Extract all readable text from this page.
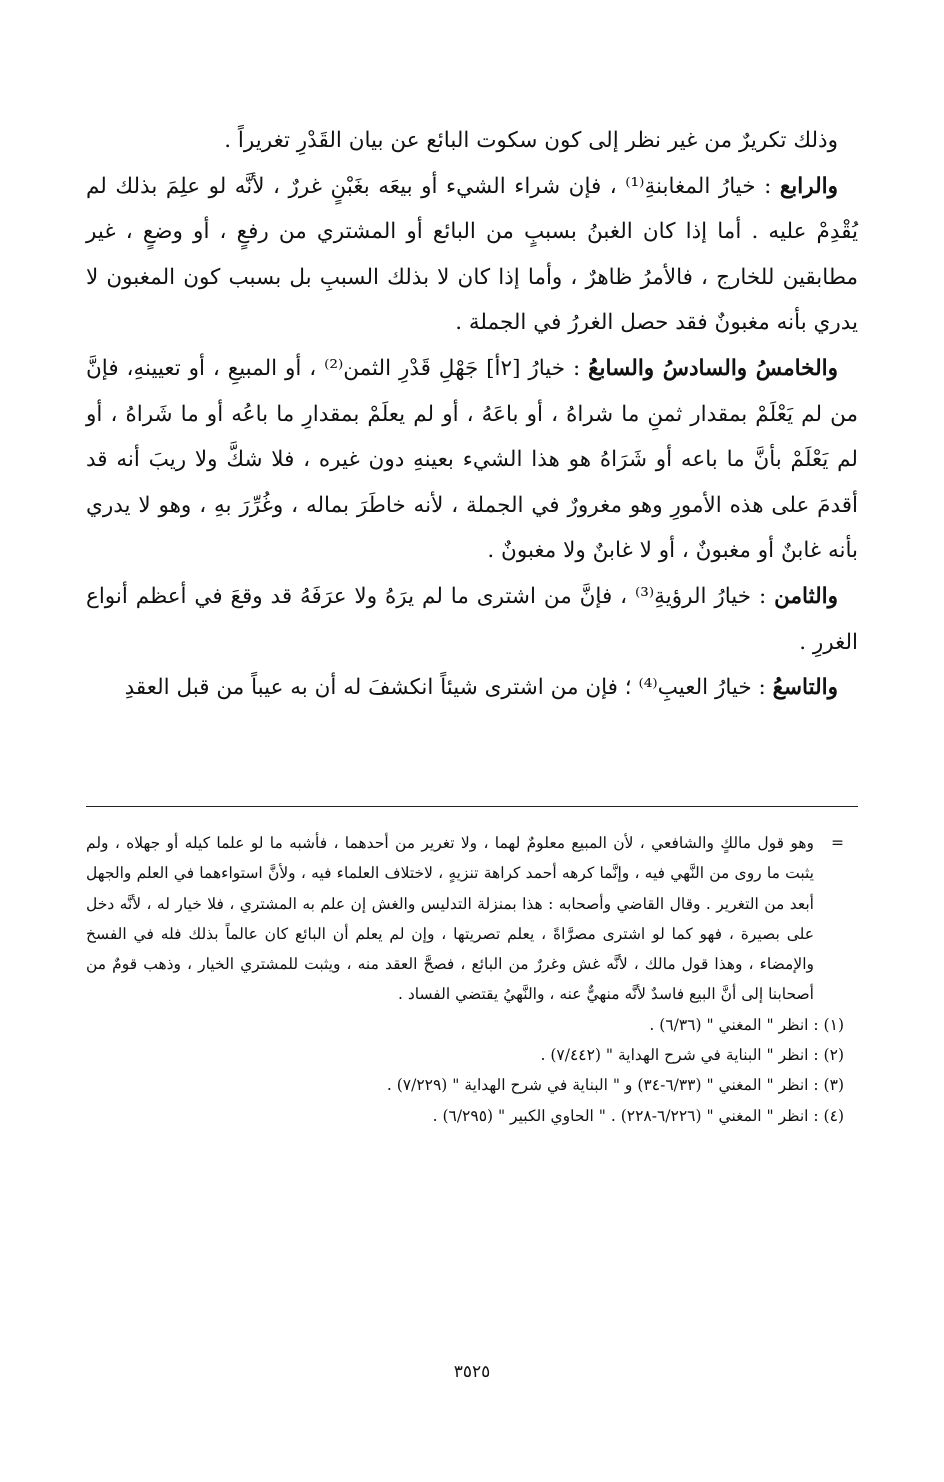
وذلك تكريرٌ من غير نظر إلى كون سكوت البائع عن بيان القَدْرِ تغريراً .

والرابع : خيارُ المغابنةِ⁽¹⁾ ، فإن شراء الشيء أو بيعَه بغَبْنٍ غررٌ ، لأنَّه لو علِمَ بذلك لم يُقْدِمْ عليه . أما إذا كان الغبنُ بسببٍ من البائع أو المشتري من رفعٍ ، أو وضعٍ ، غير مطابقين للخارج ، فالأمرُ ظاهرٌ ، وأما إذا كان لا بذلك السببِ بل بسبب كون المغبون لا يدري بأنه مغبونٌ فقد حصل الغررُ في الجملة .

والخامسُ والسادسُ والسابعُ : خيارُ [٢أ] جَهْلِ قَدْرِ الثمن⁽²⁾ ، أو المبيعِ ، أو تعيينهِ، فإنَّ من لم يَعْلَمْ بمقدار ثمنِ ما شراهُ ، أو باعَهُ ، أو لم يعلَمْ بمقدارِ ما باعُه أو ما شَراهُ ، أو لم يَعْلَمْ بأنَّ ما باعه أو شَرَاهُ هو هذا الشيء بعينهِ دون غيره ، فلا شكَّ ولا ريبَ أنه قد أقدمَ على هذه الأمورِ وهو مغرورٌ في الجملة ، لأنه خاطَرَ بماله ، وغُرِّرَ بهِ ، وهو لا يدري بأنه غابنٌ أو مغبونٌ ، أو لا غابنٌ ولا مغبونٌ .

والثامن : خيارُ الرؤيةِ⁽³⁾ ، فإنَّ من اشترى ما لم يرَهُ ولا عرَفَهُ قد وقعَ في أعظم أنواع الغررِ .

والتاسعُ : خيارُ العيبِ⁽⁴⁾ ؛ فإن من اشترى شيئاً انكشفَ له أن به عيباً من قبل العقدِ

=

وهو قول مالكٍ والشافعي ، لأن المبيع معلومٌ لهما ، ولا تغرير من أحدهما ، فأشبه ما لو علما كيله أو جهلاه ، ولم يثبت ما روى من النَّهي فيه ، وإنَّما كرهه أحمد كراهة تنزيهٍ ، لاختلاف العلماء فيه ، ولأنَّ استواءهما في العلم والجهل أبعد من التغرير . وقال القاضي وأصحابه : هذا بمنزلة التدليس والغش إن علم به المشتري ، فلا خيار له ، لأنَّه دخل على بصيرة ، فهو كما لو اشترى مصرَّاةً ، يعلم تصريتها ، وإن لم يعلم أن البائع كان عالماً بذلك فله في الفسخ والإمضاء ، وهذا قول مالك ، لأنَّه غش وغررٌ من البائع ، فصحَّ العقد منه ، ويثبت للمشتري الخيار ، وذهب قومٌ من أصحابنا إلى أنَّ البيع فاسدٌ لأنَّه منهيٌّ عنه ، والنَّهيُ يقتضي الفساد .

(١) : انظر " المغني " (٦/٣٦) .

(٢) : انظر " البناية في شرح الهداية " (٧/٤٤٢) .

(٣) : انظر " المغني " (٦/٣٣-٣٤) و " البناية في شرح الهداية " (٧/٢٢٩) .

(٤) : انظر " المغني " (٦/٢٢٦-٢٢٨) . " الحاوي الكبير " (٦/٢٩٥) .

٣٥٢٥
